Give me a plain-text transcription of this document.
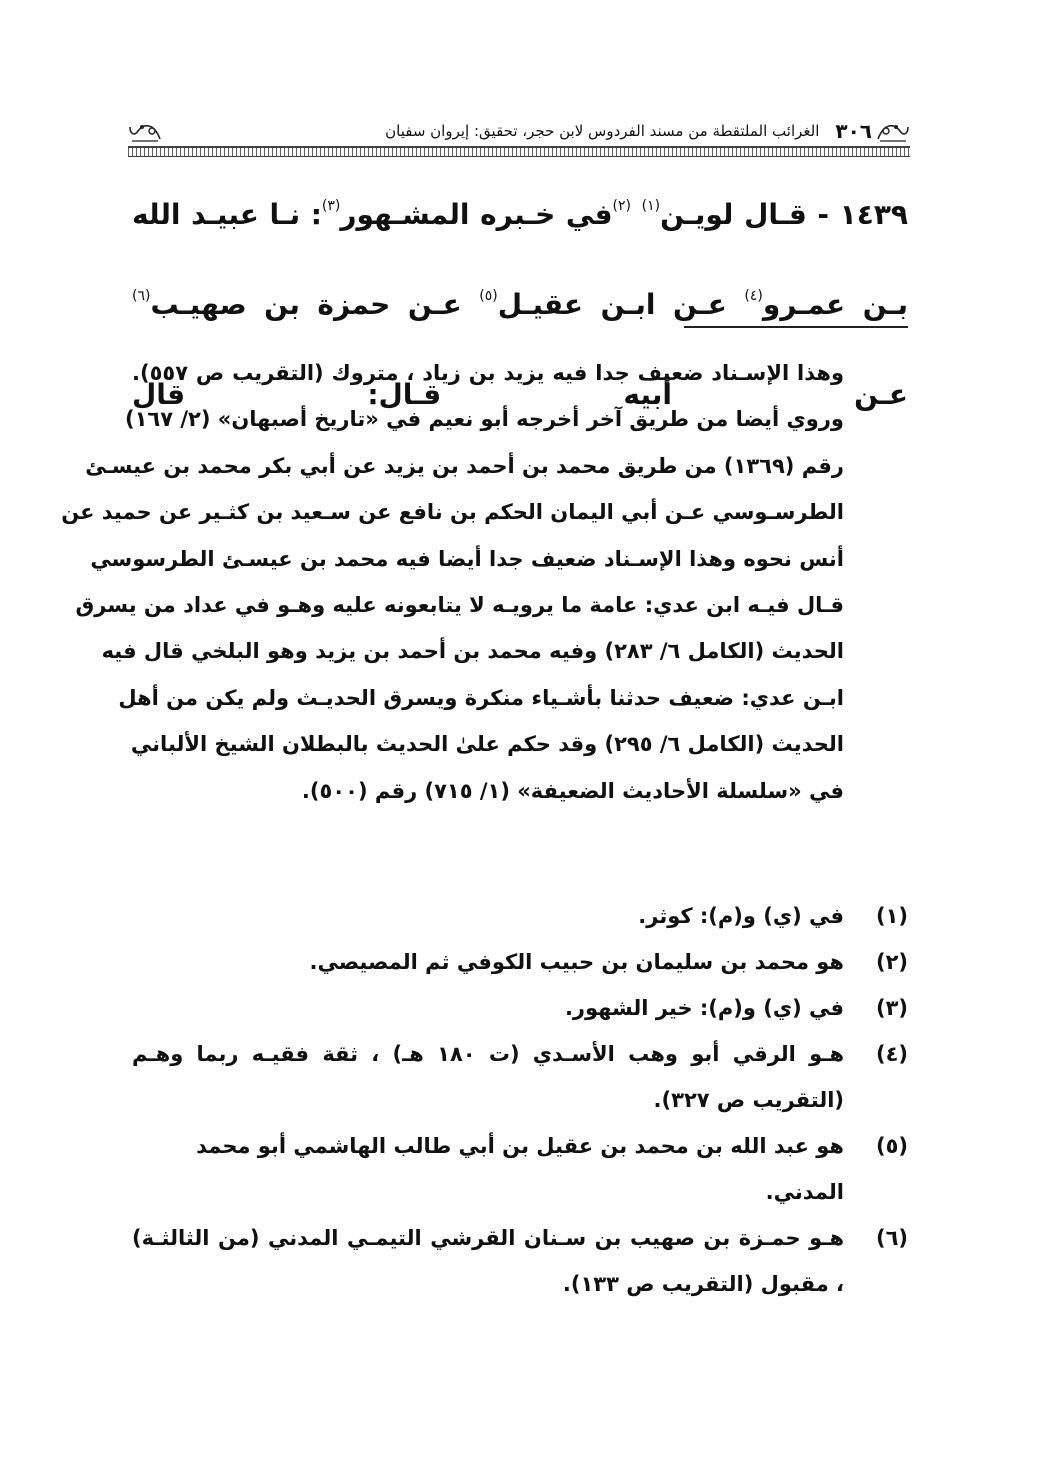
٣٠٦
الغرائب الملتقطة من مسند الفردوس لابن حجر، تحقيق: إيروان سفيان

١٤٣٩ - قـال لويـن$^{(١)}$ $^{(٢)}$في خـبره المشـهور$^{(٣)}$: نـا عبيـد الله بـن عمـرو$^{(٤)}$ عـن ابـن عقيـل$^{(٥)}$ عـن حمزة بن صهيـب$^{(٦)}$ عـن أبيه قـال: قال

وهذا الإسـناد ضعيف جدا فيه يزيد بن زياد ، متروك (التقريب ص ٥٥٧).
وروي أيضا من طريق آخر أخرجه أبو نعيم في «تاريخ أصبهان» (٢/ ١٦٧)
رقم (١٣٦٩) من طريق محمد بن أحمد بن يزيد عن أبي بكر محمد بن عيسـئ
الطرسـوسي عـن أبي اليمان الحكم بن نافع عن سـعيد بن كثـير عن حميد عن
أنس نحوه وهذا الإسـناد ضعيف جدا أيضا فيه محمد بن عيسـئ الطرسوسي
قـال فيـه ابن عدي: عامة ما يرويـه لا يتابعونه عليه وهـو في عداد من يسرق
الحديث (الكامل ٦/ ٢٨٣) وفيه محمد بن أحمد بن يزيد وهو البلخي قال فيه
ابـن عدي: ضعيف حدثنا بأشـياء منكرة ويسرق الحديـث ولم يكن من أهل
الحديث (الكامل ٦/ ٢٩٥) وقد حكم علىٰ الحديث بالبطلان الشيخ الألباني
في «سلسلة الأحاديث الضعيفة» (١/ ٧١٥) رقم (٥٠٠).

(١)
في (ي) و(م): كوثر.
(٢)
هو محمد بن سليمان بن حبيب الكوفي ثم المصيصي.
(٣)
في (ي) و(م): خير الشهور.
(٤)
هـو الرقي أبو وهب الأسـدي (ت ١٨٠ هـ) ، ثقة فقيـه ربما وهـم (التقريب ص ٣٢٧).
(٥)
هو عبد الله بن محمد بن عقيل بن أبي طالب الهاشمي أبو محمد المدني.
(٦)
هـو حمـزة بن صهيب بن سـنان القرشي التيمـي المدني (من الثالثـة) ، مقبول (التقريب ص ١٣٣).
